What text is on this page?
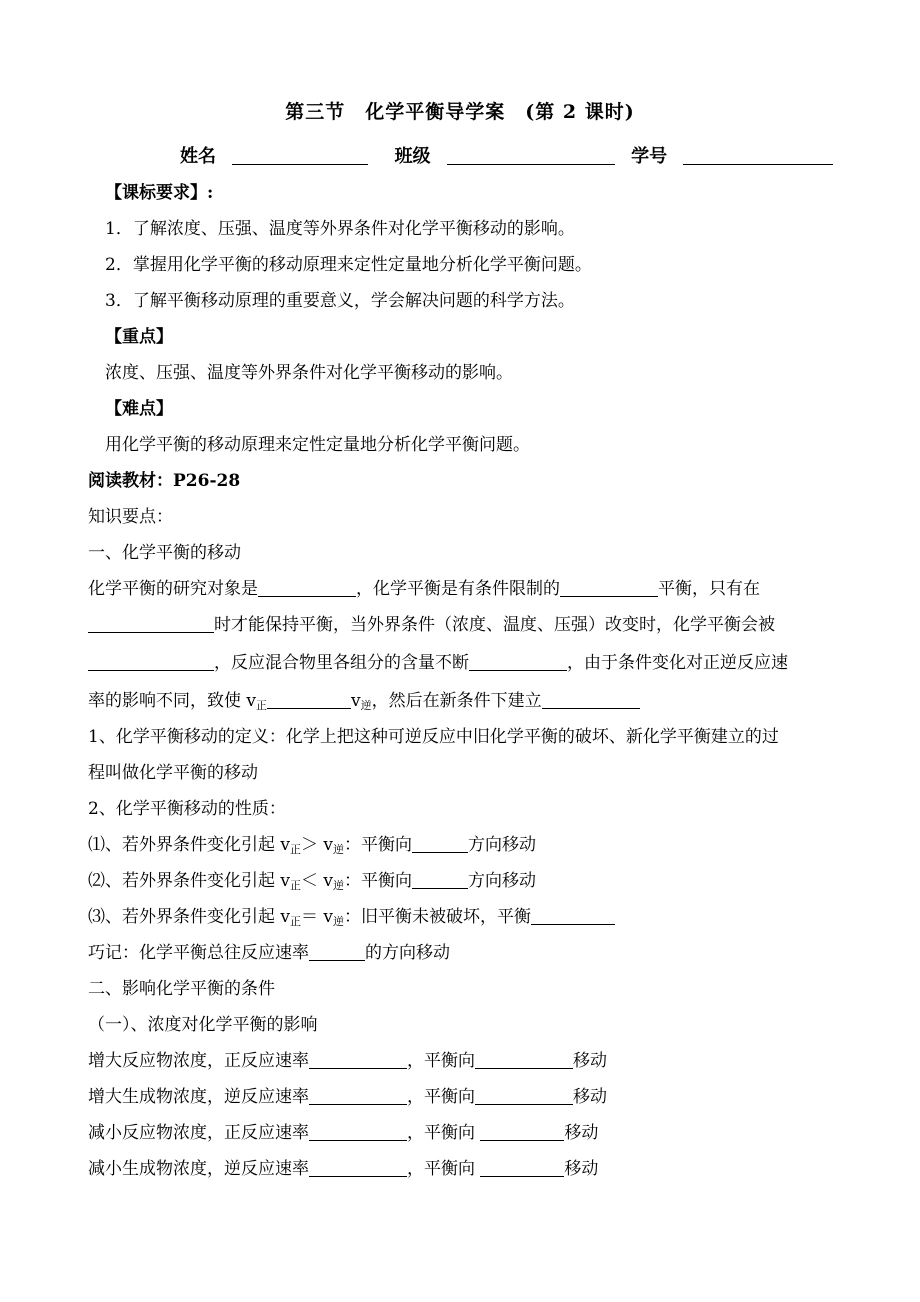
第三节　化学平衡导学案　(第 2 课时)
姓名	班级	学号
【课标要求】:
1．了解浓度、压强、温度等外界条件对化学平衡移动的影响。
2．掌握用化学平衡的移动原理来定性定量地分析化学平衡问题。
3．了解平衡移动原理的重要意义，学会解决问题的科学方法。
【重点】
浓度、压强、温度等外界条件对化学平衡移动的影响。
【难点】
用化学平衡的移动原理来定性定量地分析化学平衡问题。
阅读教材：P26-28
知识要点：
一、化学平衡的移动
化学平衡的研究对象是	，化学平衡是有条件限制的	平衡，只有在
时才能保持平衡，当外界条件（浓度、温度、压强）改变时，化学平衡会被
，反应混合物里各组分的含量不断	，由于条件变化对正逆反应速
率的影响不同，致使 $v_正$	$v_逆$，然后在新条件下建立
1、化学平衡移动的定义：化学上把这种可逆反应中旧化学平衡的破坏、新化学平衡建立的过
程叫做化学平衡的移动
2、化学平衡移动的性质：
⑴、若外界条件变化引起 $v_正> v_逆$：平衡向	方向移动
⑵、若外界条件变化引起 $v_正< v_逆$：平衡向	方向移动
⑶、若外界条件变化引起 $v_正= v_逆$：旧平衡未被破坏，平衡
巧记：化学平衡总往反应速率	的方向移动
二、影响化学平衡的条件
（一）、浓度对化学平衡的影响
增大反应物浓度，正反应速率	，平衡向	移动
增大生成物浓度，逆反应速率	，平衡向	移动
减小反应物浓度，正反应速率	，平衡向	移动
减小生成物浓度，逆反应速率	，平衡向	移动
